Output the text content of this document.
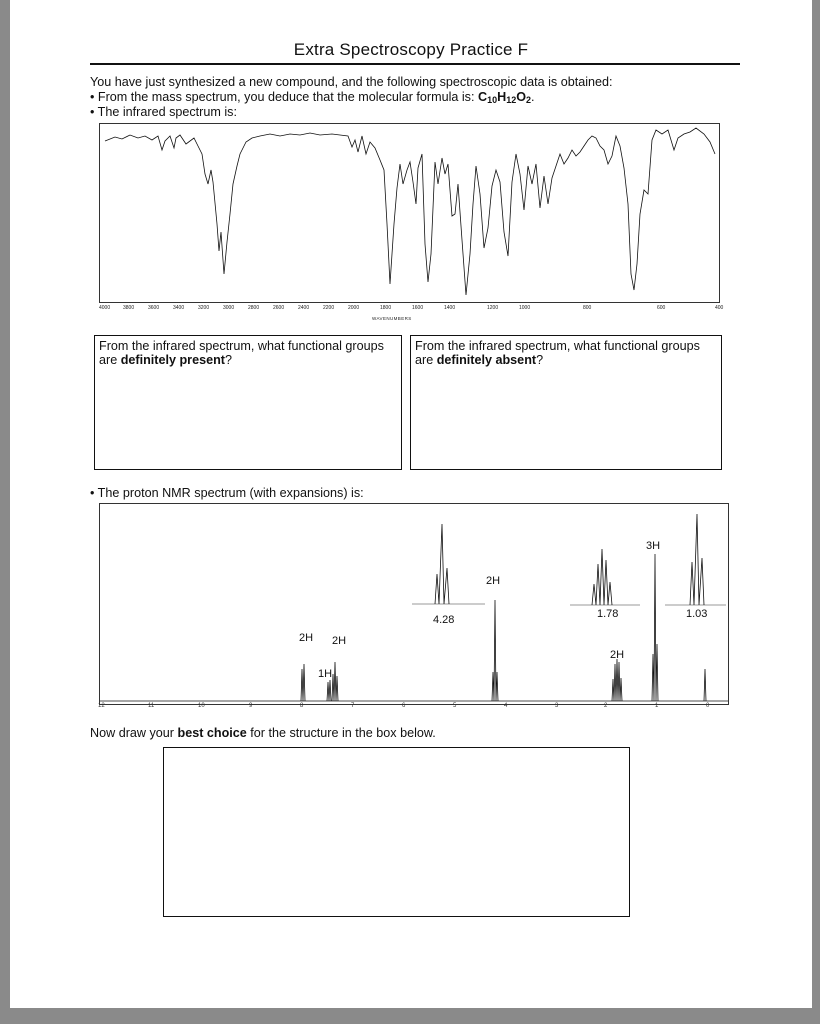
Extra Spectroscopy Practice F
You have just synthesized a new compound, and the following spectroscopic data is obtained:
• From the mass spectrum, you deduce that the molecular formula is: $C_{10}H_{12}O_2$.
• The infrared spectrum is:
4000	3800	3600	3400	3200	3000	2800	2600	2400	2200	2000	1800	1600	1400	1200	1000	800	600	400
WAVENUMBERS
From the infrared spectrum, what functional groups are definitely present?
From the infrared spectrum, what functional groups are definitely absent?
• The proton NMR spectrum (with expansions) is:
2H 2H
1H
2H
2H
3H
4.28	1.78	1.03
12	11	10	9	8	7	6	5	4	3	2	1	0
Now draw your best choice for the structure in the box below.
